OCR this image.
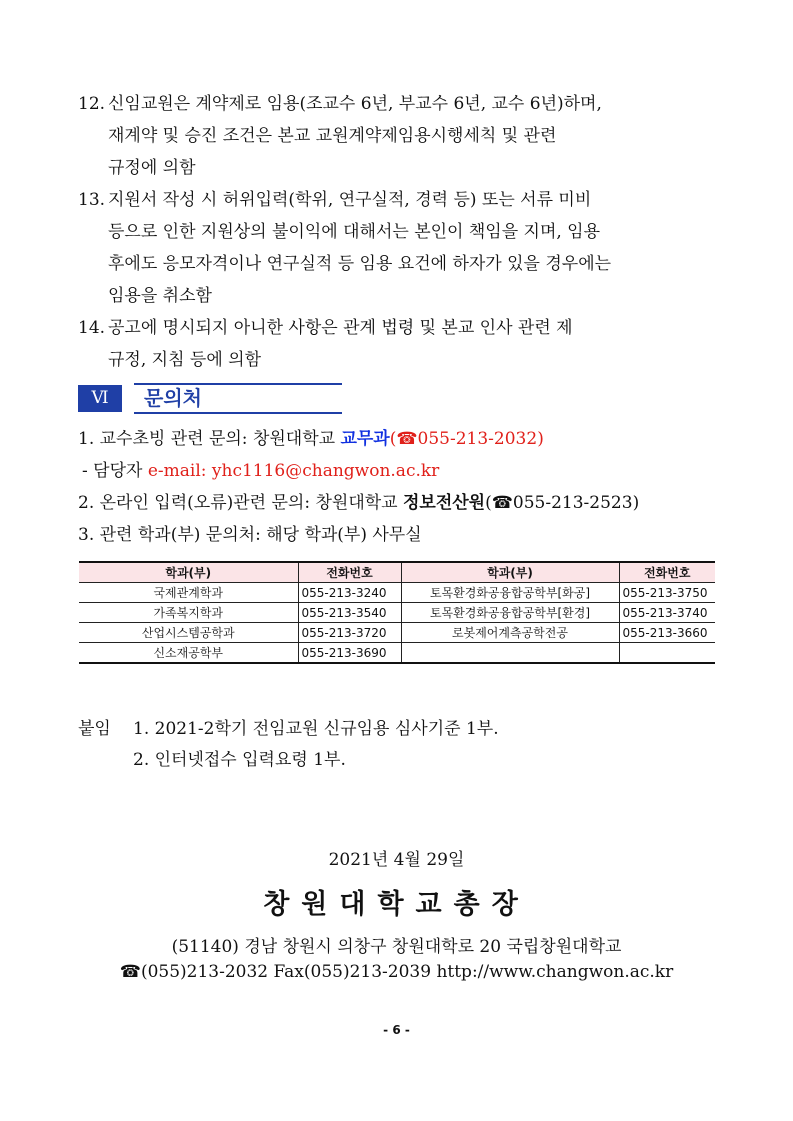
12. 신임교원은 계약제로 임용(조교수 6년, 부교수 6년, 교수 6년)하며,
재계약 및 승진 조건은 본교 교원계약제임용시행세칙 및 관련
규정에 의함
13. 지원서 작성 시 허위입력(학위, 연구실적, 경력 등) 또는 서류 미비
등으로 인한 지원상의 불이익에 대해서는 본인이 책임을 지며, 임용
후에도 응모자격이나 연구실적 등 임용 요건에 하자가 있을 경우에는
임용을 취소함
14. 공고에 명시되지 아니한 사항은 관계 법령 및 본교 인사 관련 제
규정, 지침 등에 의함
Ⅵ	문의처
1. 교수초빙 관련 문의: 창원대학교 교무과(☎055-213-2032)
- 담당자 e-mail: yhc1116@changwon.ac.kr
2. 온라인 입력(오류)관련 문의: 창원대학교 정보전산원(☎055-213-2523)
3. 관련 학과(부) 문의처: 해당 학과(부) 사무실
학과(부)	전화번호	학과(부)	전화번호
국제관계학과	055-213-3240	토목환경화공융합공학부[화공]	055-213-3750
가족복지학과	055-213-3540	토목환경화공융합공학부[환경]	055-213-3740
산업시스템공학과	055-213-3720	로봇제어계측공학전공	055-213-3660
신소재공학부	055-213-3690		
붙임 1. 2021-2학기 전임교원 신규임용 심사기준 1부.
2. 인터넷접수 입력요령 1부.
2021년 4월 29일
창원대학교총장
(51140) 경남 창원시 의창구 창원대학로 20 국립창원대학교
☎(055)213-2032 Fax(055)213-2039 http://www.changwon.ac.kr
- 6 -
